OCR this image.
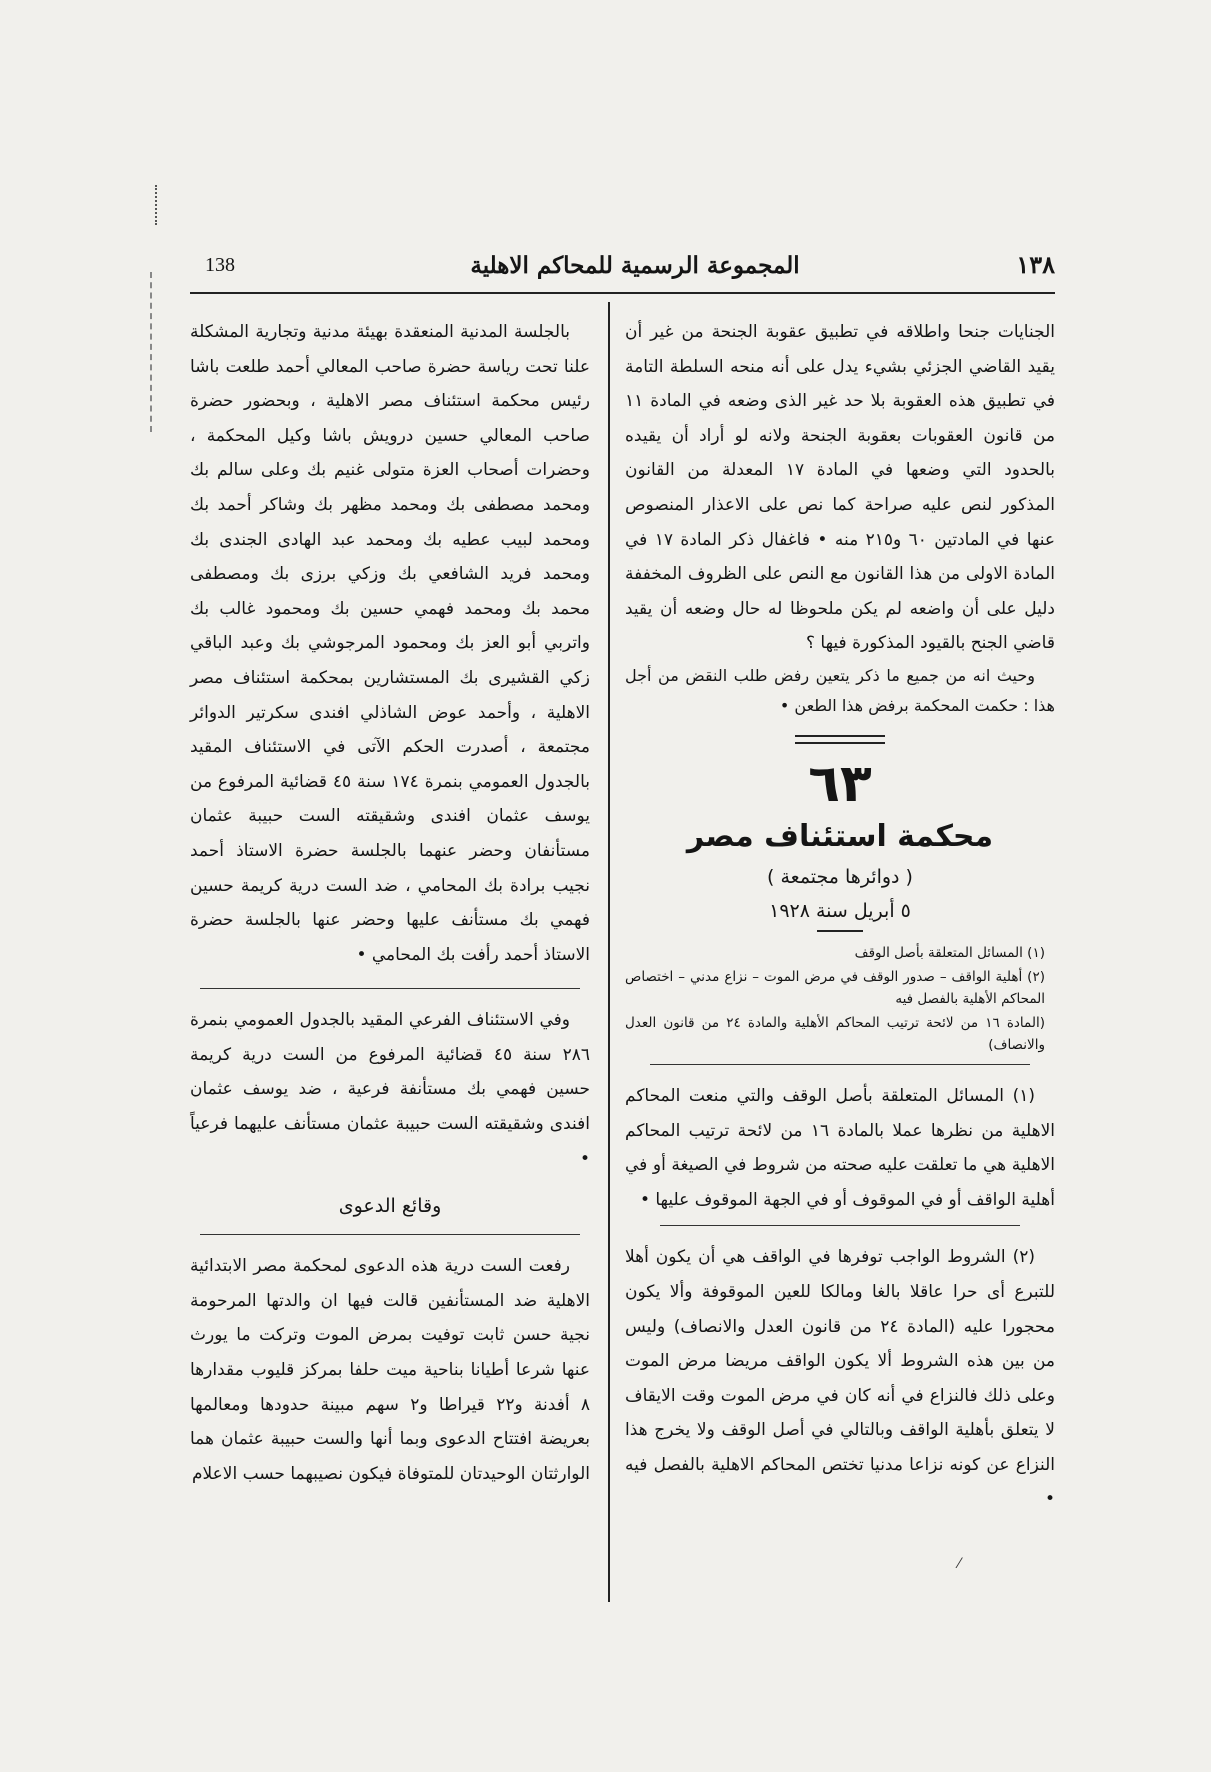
138	المجموعة الرسمية للمحاكم الاهلية	١٣٨

الجنايات جنحا واطلاقه في تطبيق عقوبة الجنحة من غير أن يقيد القاضي الجزئي بشيء يدل على أنه منحه السلطة التامة في تطبيق هذه العقوبة بلا حد غير الذى وضعه في المادة ١١ من قانون العقوبات بعقوبة الجنحة ولانه لو أراد أن يقيده بالحدود التي وضعها في المادة ١٧ المعدلة من القانون المذكور لنص عليه صراحة كما نص على الاعذار المنصوص عنها في المادتين ٦٠ و٢١٥ منه • فاغفال ذكر المادة ١٧ في المادة الاولى من هذا القانون مع النص على الظروف المخففة دليل على أن واضعه لم يكن ملحوظا له حال وضعه أن يقيد قاضي الجنح بالقيود المذكورة فيها ؟

وحيث انه من جميع ما ذكر يتعين رفض طلب النقض من أجل هذا : حكمت المحكمة برفض هذا الطعن •

٦٣
محكمة استئناف مصر
( دوائرها مجتمعة )
٥ أبريل سنة ١٩٢٨

(١) المسائل المتعلقة بأصل الوقف

(٢) أهلية الواقف – صدور الوقف في مرض الموت – نزاع مدني – اختصاص المحاكم الأهلية بالفصل فيه

(المادة ١٦ من لائحة ترتيب المحاكم الأهلية والمادة ٢٤ من قانون العدل والانصاف)

(١) المسائل المتعلقة بأصل الوقف والتي منعت المحاكم الاهلية من نظرها عملا بالمادة ١٦ من لائحة ترتيب المحاكم الاهلية هي ما تعلقت عليه صحته من شروط في الصيغة أو في أهلية الواقف أو في الموقوف أو في الجهة الموقوف عليها •

(٢) الشروط الواجب توفرها في الواقف هي أن يكون أهلا للتبرع أى حرا عاقلا بالغا ومالكا للعين الموقوفة وألا يكون محجورا عليه (المادة ٢٤ من قانون العدل والانصاف) وليس من بين هذه الشروط ألا يكون الواقف مريضا مرض الموت وعلى ذلك فالنزاع في أنه كان في مرض الموت وقت الايقاف لا يتعلق بأهلية الواقف وبالتالي في أصل الوقف ولا يخرج هذا النزاع عن كونه نزاعا مدنيا تختص المحاكم الاهلية بالفصل فيه •

بالجلسة المدنية المنعقدة بهيئة مدنية وتجارية المشكلة علنا تحت رياسة حضرة صاحب المعالي أحمد طلعت باشا رئيس محكمة استئناف مصر الاهلية ، وبحضور حضرة صاحب المعالي حسين درويش باشا وكيل المحكمة ، وحضرات أصحاب العزة متولى غنيم بك وعلى سالم بك ومحمد مصطفى بك ومحمد مظهر بك وشاكر أحمد بك ومحمد لبيب عطيه بك ومحمد عبد الهادى الجندى بك ومحمد فريد الشافعي بك وزكي برزى بك ومصطفى محمد بك ومحمد فهمي حسين بك ومحمود غالب بك واتربي أبو العز بك ومحمود المرجوشي بك وعبد الباقي زكي القشيرى بك المستشارين بمحكمة استئناف مصر الاهلية ، وأحمد عوض الشاذلي افندى سكرتير الدوائر مجتمعة ، أصدرت الحكم الآتى في الاستئناف المقيد بالجدول العمومي بنمرة ١٧٤ سنة ٤٥ قضائية المرفوع من يوسف عثمان افندى وشقيقته الست حبيبة عثمان مستأنفان وحضر عنهما بالجلسة حضرة الاستاذ أحمد نجيب برادة بك المحامي ، ضد الست درية كريمة حسين فهمي بك مستأنف عليها وحضر عنها بالجلسة حضرة الاستاذ أحمد رأفت بك المحامي •

وفي الاستئناف الفرعي المقيد بالجدول العمومي بنمرة ٢٨٦ سنة ٤٥ قضائية المرفوع من الست درية كريمة حسين فهمي بك مستأنفة فرعية ، ضد يوسف عثمان افندى وشقيقته الست حبيبة عثمان مستأنف عليهما فرعياً •

وقائع الدعوى

رفعت الست درية هذه الدعوى لمحكمة مصر الابتدائية الاهلية ضد المستأنفين قالت فيها ان والدتها المرحومة نجية حسن ثابت توفيت بمرض الموت وتركت ما يورث عنها شرعا أطيانا بناحية ميت حلفا بمركز قليوب مقدارها ٨ أفدنة و٢٢ قيراطا و٢ سهم مبينة حدودها ومعالمها بعريضة افتتاح الدعوى وبما أنها والست حبيبة عثمان هما الوارثتان الوحيدتان للمتوفاة فيكون نصيبهما حسب الاعلام

⁄
